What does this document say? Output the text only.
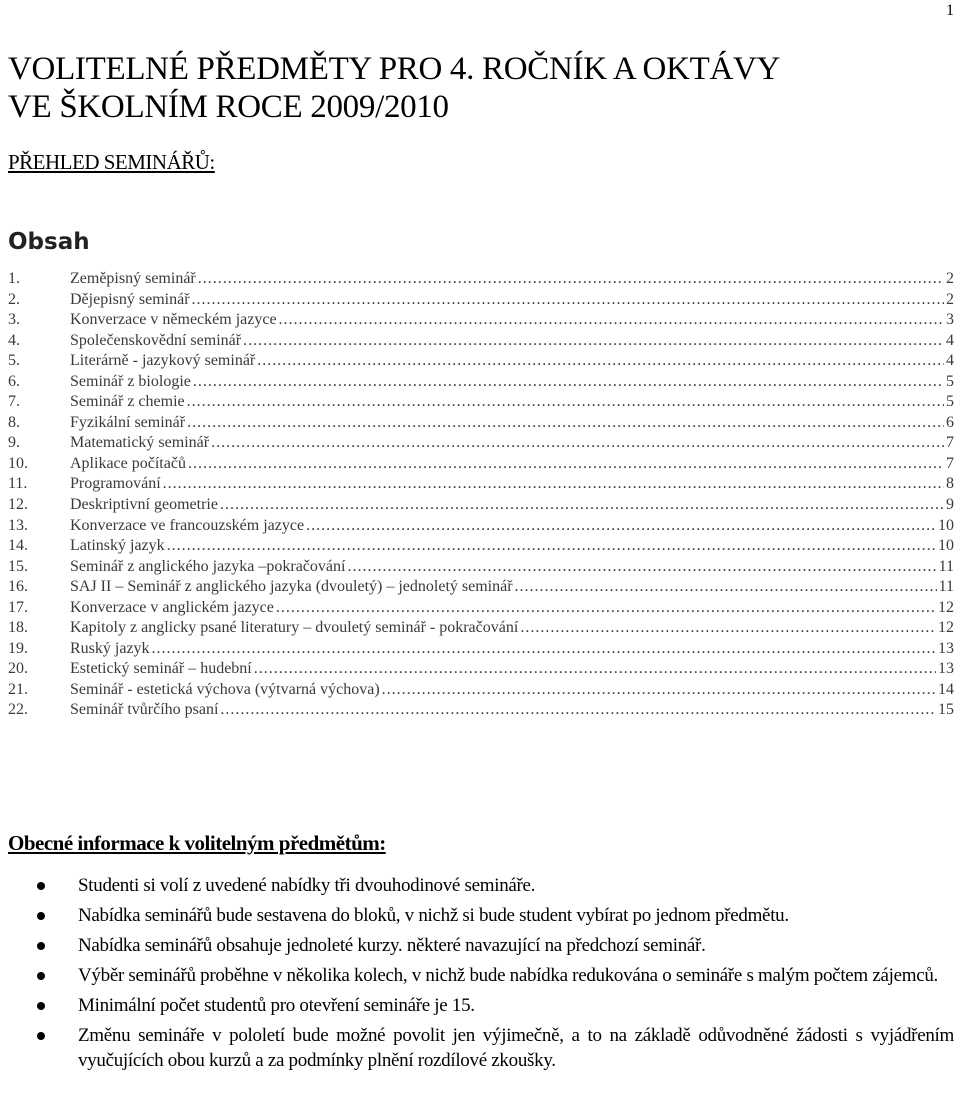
1
VOLITELNÉ PŘEDMĚTY PRO 4. ROČNÍK A OKTÁVY
VE ŠKOLNÍM ROCE 2009/2010
PŘEHLED SEMINÁŘŮ:
Obsah
1.	Zeměpisný seminář .....	2
2.	Dějepisný seminář .....	2
3.	Konverzace v německém jazyce .....	3
4.	Společenskovědní seminář .....	4
5.	Literárně - jazykový seminář .....	4
6.	Seminář z biologie .....	5
7.	Seminář z chemie .....	5
8.	Fyzikální seminář .....	6
9.	Matematický seminář .....	7
10.	Aplikace počítačů .....	7
11.	Programování .....	8
12.	Deskriptivní geometrie .....	9
13.	Konverzace ve francouzském jazyce .....	10
14.	Latinský jazyk .....	10
15.	Seminář z anglického jazyka –pokračování .....	11
16.	SAJ II – Seminář z anglického jazyka (dvouletý) – jednoletý seminář .....	11
17.	Konverzace v anglickém jazyce .....	12
18.	Kapitoly z anglicky psané literatury – dvouletý seminář - pokračování .....	12
19.	Ruský jazyk .....	13
20.	Estetický seminář – hudební .....	13
21.	Seminář - estetická výchova (výtvarná výchova) .....	14
22.	Seminář tvůrčího psaní .....	15
Obecné informace k volitelným předmětům:
Studenti si volí z uvedené nabídky tři dvouhodinové semináře.
Nabídka seminářů bude sestavena do bloků, v nichž si bude student vybírat po jednom předmětu.
Nabídka seminářů obsahuje jednoleté kurzy. některé navazující na předchozí seminář.
Výběr seminářů proběhne v několika kolech, v nichž bude nabídka redukována o semináře s malým počtem zájemců.
Minimální počet studentů pro otevření semináře je 15.
Změnu semináře v pololetí bude možné povolit jen výjimečně, a to na základě odůvodněné žádosti s vyjádřením vyučujících obou kurzů a za podmínky plnění rozdílové zkoušky.
